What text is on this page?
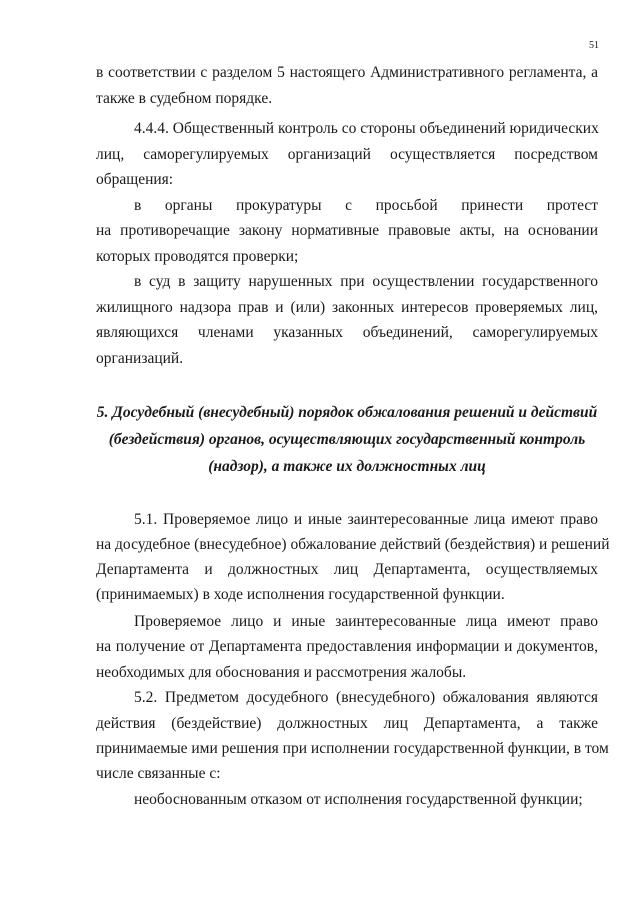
51
в соответствии с разделом 5 настоящего Административного регламента, а
также в судебном порядке.
4.4.4. Общественный контроль со стороны объединений юридических
лиц, саморегулируемых организаций осуществляется посредством
обращения:
в органы прокуратуры с просьбой принести протест
на противоречащие закону нормативные правовые акты, на основании
которых проводятся проверки;
в суд в защиту нарушенных при осуществлении государственного
жилищного надзора прав и (или) законных интересов проверяемых лиц,
являющихся членами указанных объединений, саморегулируемых
организаций.
5. Досудебный (внесудебный) порядок обжалования решений и действий
(бездействия) органов, осуществляющих государственный контроль
(надзор), а также их должностных лиц
5.1. Проверяемое лицо и иные заинтересованные лица имеют право
на досудебное (внесудебное) обжалование действий (бездействия) и решений
Департамента и должностных лиц Департамента, осуществляемых
(принимаемых) в ходе исполнения государственной функции.
Проверяемое лицо и иные заинтересованные лица имеют право
на получение от Департамента предоставления информации и документов,
необходимых для обоснования и рассмотрения жалобы.
5.2. Предметом досудебного (внесудебного) обжалования являются
действия (бездействие) должностных лиц Департамента, а также
принимаемые ими решения при исполнении государственной функции, в том
числе связанные с:
необоснованным отказом от исполнения государственной функции;
